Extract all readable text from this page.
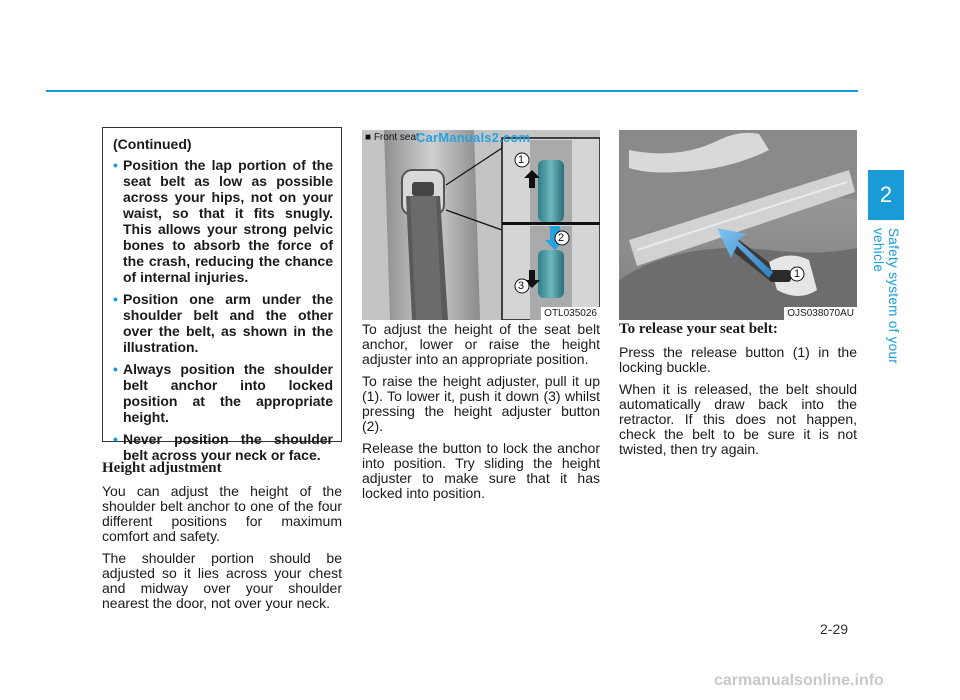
2
Safety system of your vehicle

(Continued)

• Position the lap portion of the seat belt as low as possible across your hips, not on your waist, so that it fits snugly. This allows your strong pelvic bones to absorb the force of the crash, reducing the chance of internal injuries.
• Position one arm under the shoulder belt and the other over the belt, as shown in the illustration.
• Always position the shoulder belt anchor into locked position at the appropriate height.
• Never position the shoulder belt across your neck or face.

Height adjustment

You can adjust the height of the shoulder belt anchor to one of the four different positions for maximum comfort and safety.

The shoulder portion should be adjusted so it lies across your chest and midway over your shoulder nearest the door, not over your neck.

1
2
3
■ Front seat
OTL035026
CarManuals2.com

To adjust the height of the seat belt anchor, lower or raise the height adjuster into an appropriate position.

To raise the height adjuster, pull it up (1). To lower it, push it down (3) whilst pressing the height adjuster button (2).

Release the button to lock the anchor into position. Try sliding the height adjuster to make sure that it has locked into position.

1
OJS038070AU

To release your seat belt:

Press the release button (1) in the locking buckle.

When it is released, the belt should automatically draw back into the retractor. If this does not happen, check the belt to be sure it is not twisted, then try again.

2-29
carmanualsonline.info
